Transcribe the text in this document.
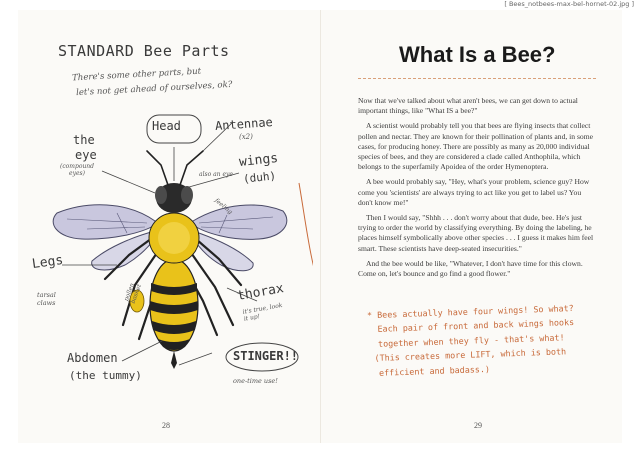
[ Bees_notbees-max-bel-hornet-02.jpg ]
STANDARD Bee Parts
There's some other parts, but
let's not get ahead of ourselves, ok?
Head	Antennae
(x2)
the
eye
(compound eyes)	also an eye
wings
(duh)
feeling
Legs
tarsal claws
pollen basket	thorax
it's true, look it up!
Abdomen
(the tummy)
STINGER!!
one-time use!
28
What Is a Bee?

Now that we've talked about what aren't bees, we can get down to actual important things, like "What IS a bee?"

A scientist would probably tell you that bees are flying insects that collect pollen and nectar. They are known for their pollination of plants and, in some cases, for producing honey. There are possibly as many as 20,000 individual species of bees, and they are considered a clade called Anthophila, which belongs to the superfamily Apoidea of the order Hymenoptera.

A bee would probably say, "Hey, what's your problem, science guy? How come you 'scientists' are always trying to act like you get to label us? You don't know me!"

Then I would say, "Shhh . . . don't worry about that dude, bee. He's just trying to order the world by classifying everything. By doing the labeling, he places himself symbolically above other species . . . I guess it makes him feel smart. These scientists have deep-seated insecurities."

And the bee would be like, "Whatever, I don't have time for this clown. Come on, let's bounce and go find a good flower."

* Bees actually have four wings! So what?
Each pair of front and back wings hooks
together when they fly - that's what!
(This creates more LIFT, which is both
efficient and badass.)
29
